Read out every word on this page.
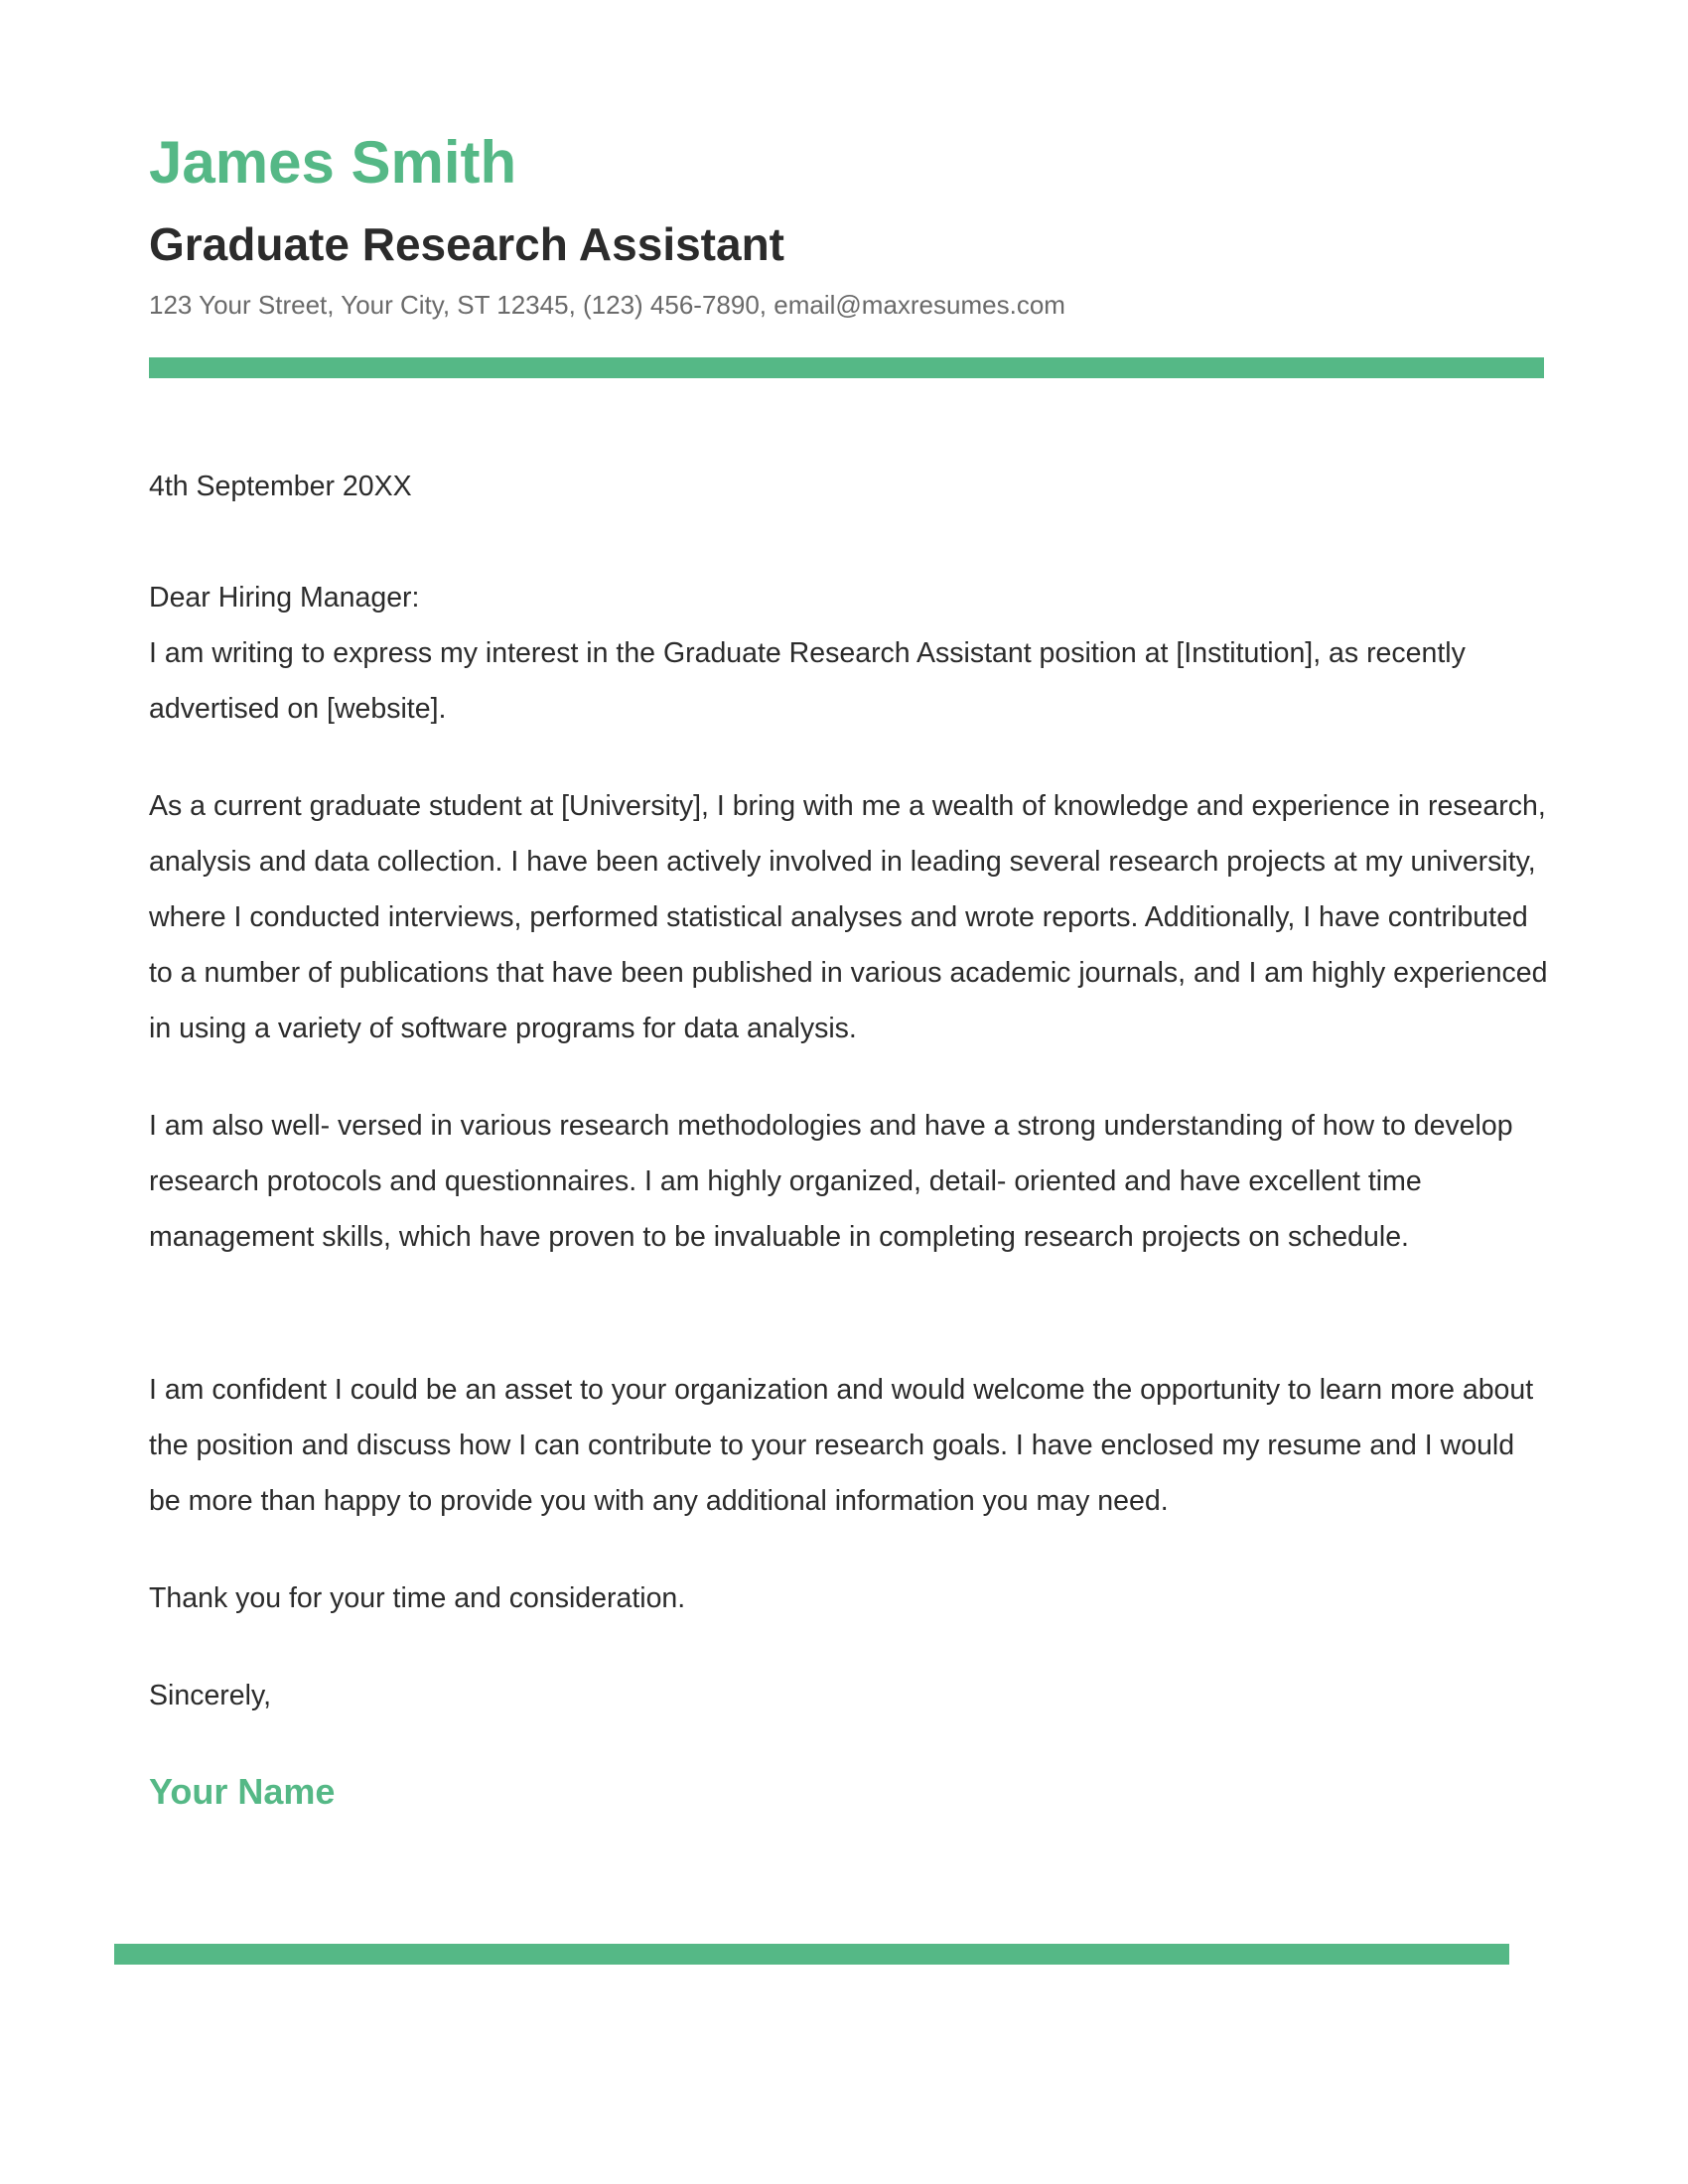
James Smith
Graduate Research Assistant

123 Your Street, Your City, ST 12345, (123) 456-7890, email@maxresumes.com

4th September 20XX

Dear Hiring Manager:

I am writing to express my interest in the Graduate Research Assistant position at [Institution], as recently advertised on [website].

As a current graduate student at [University], I bring with me a wealth of knowledge and experience in research, analysis and data collection. I have been actively involved in leading several research projects at my university, where I conducted interviews, performed statistical analyses and wrote reports. Additionally, I have contributed to a number of publications that have been published in various academic journals, and I am highly experienced in using a variety of software programs for data analysis.

I am also well- versed in various research methodologies and have a strong understanding of how to develop research protocols and questionnaires. I am highly organized, detail- oriented and have excellent time management skills, which have proven to be invaluable in completing research projects on schedule.

I am confident I could be an asset to your organization and would welcome the opportunity to learn more about the position and discuss how I can contribute to your research goals. I have enclosed my resume and I would be more than happy to provide you with any additional information you may need.

Thank you for your time and consideration.

Sincerely,

Your Name
